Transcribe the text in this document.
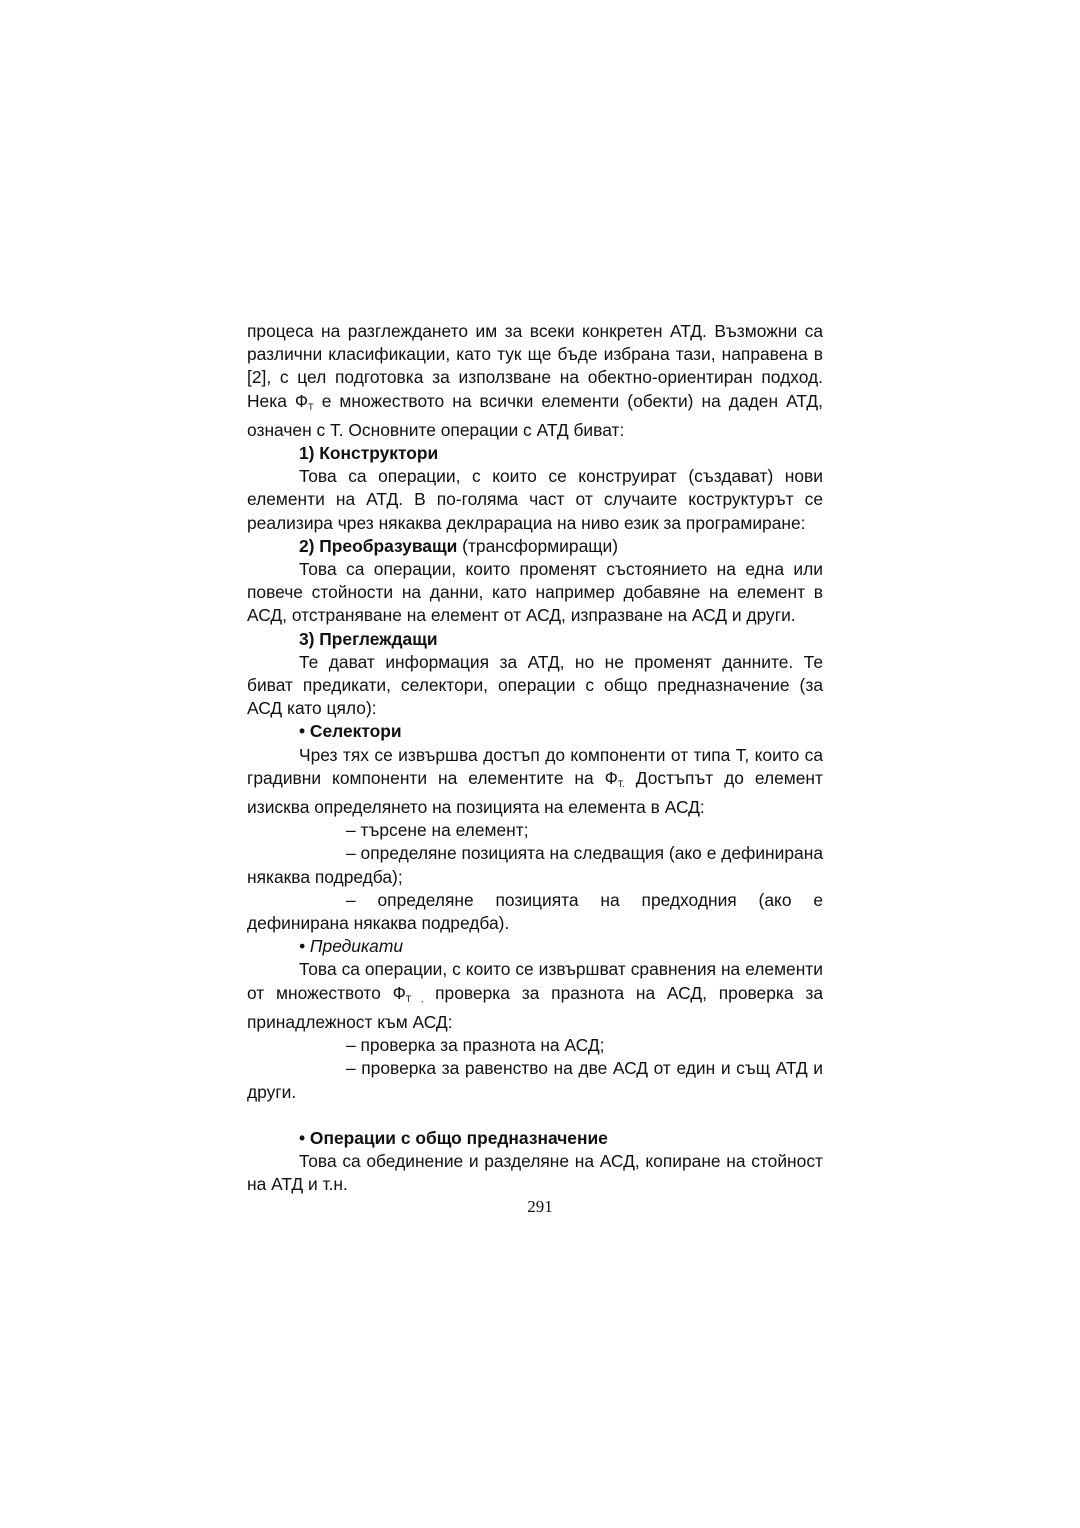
процеса на разглеждането им за всеки конкретен АТД. Възможни са различни класификации, като тук ще бъде избрана тази, направена в [2], с цел подготовка за използване на обектно-ориентиран подход. Нека $Ф_Т$ е множеството на всички елементи (обекти) на даден АТД, означен с Т. Основните операции с АТД биват:

1) Конструктори

Това са операции, с които се конструират (създават) нови елементи на АТД. В по-голяма част от случаите коструктурът се реализира чрез някаква деклрарациа на ниво език за програмиране:

2) Преобразуващи (трансформиращи)

Това са операции, които променят състоянието на една или повече стойности на данни, като например добавяне на елемент в АСД, отстраняване на елемент от АСД, изпразване на АСД и други.

3) Преглеждащи

Те дават информация за АТД, но не променят данните. Те биват предикати, селектори, операции с общо предназначение (за АСД като цяло):

• Селектори

Чрез тях се извършва достъп до компоненти от типа Т, които са градивни компоненти на елементите на $Ф_{Т.}$ Достъпът до елемент изисква определянето на позицията на елемента в АСД:

– търсене на елемент;

– определяне позицията на следващия (ако е дефинирана някаква подредба);

– определяне позицията на предходния (ако е дефинирана някаква подредба).

• Предикати

Това са операции, с които се извършват сравнения на елементи от множеството $Ф_{Т ,}$ проверка за празнота на АСД, проверка за принадлежност към АСД:

– проверка за празнота на АСД;

– проверка за равенство на две АСД от един и същ АТД и други.

• Операции с общо предназначение

Това са обединение и разделяне на АСД, копиране на стойност на АТД и т.н.

291
